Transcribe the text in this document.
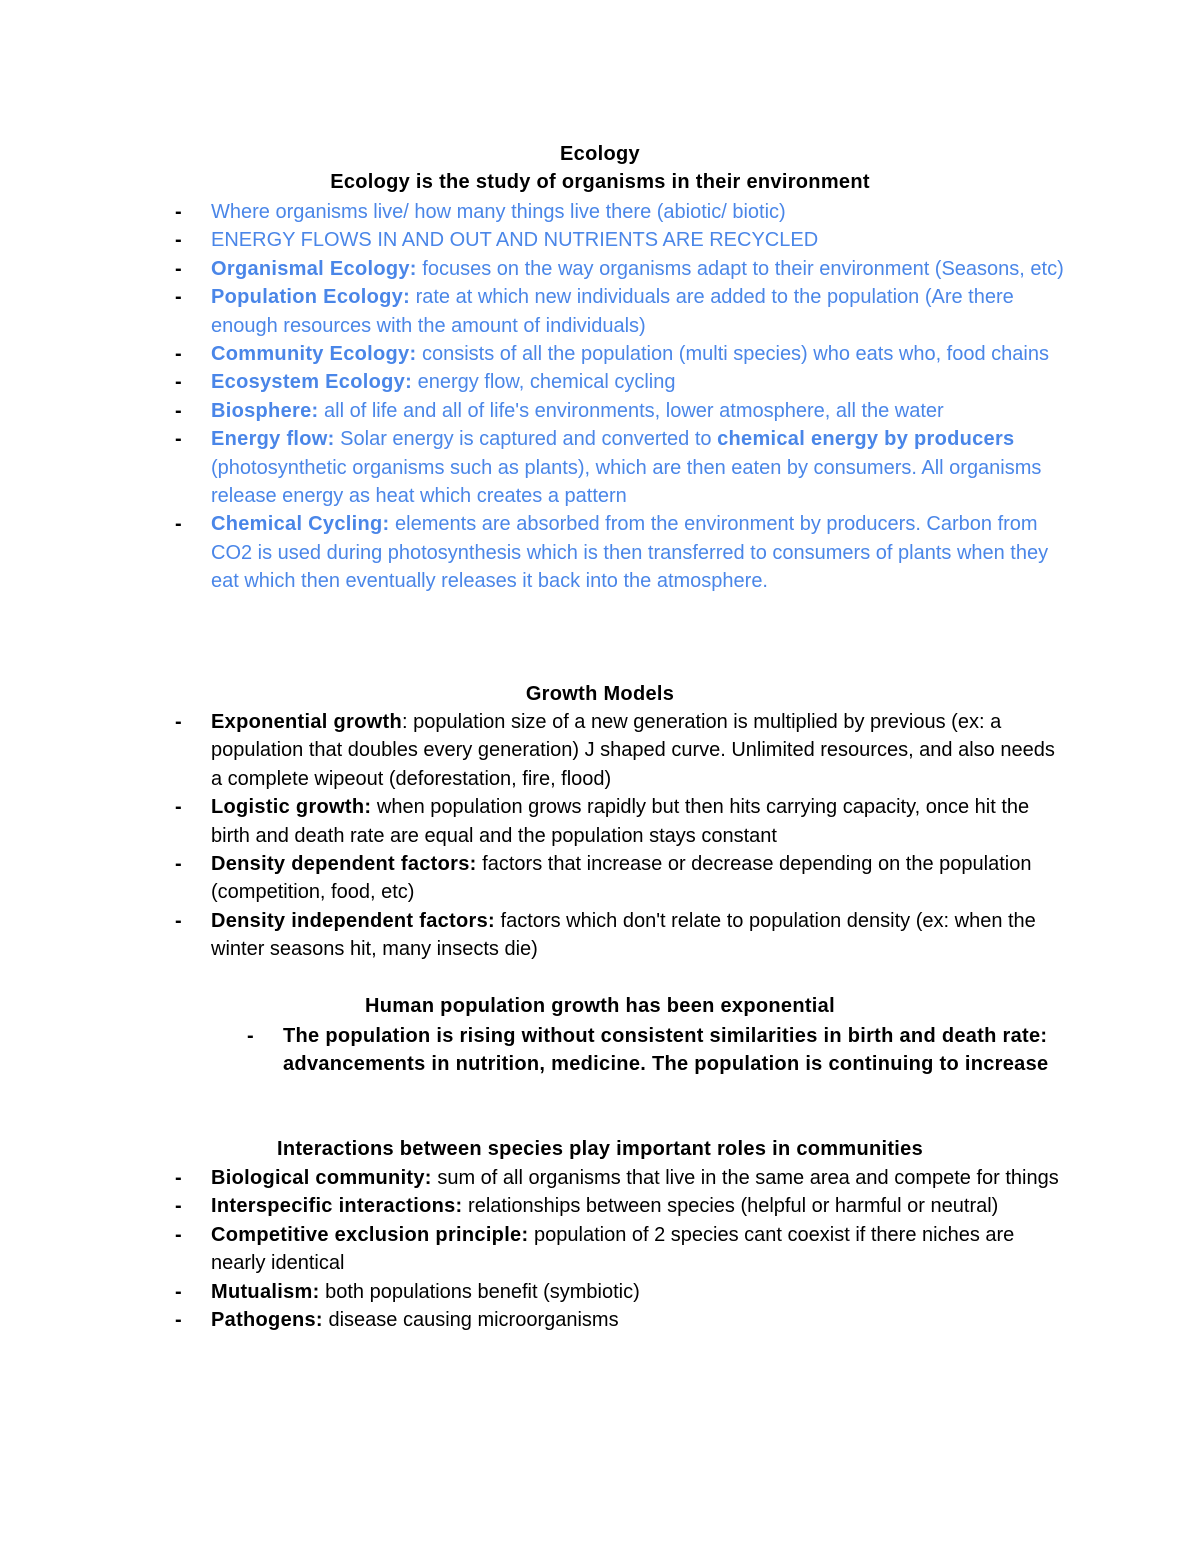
Ecology
Ecology is the study of organisms in their environment
- Where organisms live/ how many things live there (abiotic/ biotic)
- ENERGY FLOWS IN AND OUT AND NUTRIENTS ARE RECYCLED
- Organismal Ecology: focuses on the way organisms adapt to their environment (Seasons, etc)
- Population Ecology: rate at which new individuals are added to the population (Are there enough resources with the amount of individuals)
- Community Ecology: consists of all the population (multi species) who eats who, food chains
- Ecosystem Ecology: energy flow, chemical cycling
- Biosphere: all of life and all of life's environments, lower atmosphere, all the water
- Energy flow: Solar energy is captured and converted to chemical energy by producers (photosynthetic organisms such as plants), which are then eaten by consumers. All organisms release energy as heat which creates a pattern
- Chemical Cycling: elements are absorbed from the environment by producers. Carbon from CO2 is used during photosynthesis which is then transferred to consumers of plants when they eat which then eventually releases it back into the atmosphere.
Growth Models
- Exponential growth: population size of a new generation is multiplied by previous (ex: a population that doubles every generation) J shaped curve. Unlimited resources, and also needs a complete wipeout (deforestation, fire, flood)
- Logistic growth: when population grows rapidly but then hits carrying capacity, once hit the birth and death rate are equal and the population stays constant
- Density dependent factors: factors that increase or decrease depending on the population (competition, food, etc)
- Density independent factors: factors which don't relate to population density (ex: when the winter seasons hit, many insects die)
Human population growth has been exponential
- The population is rising without consistent similarities in birth and death rate: advancements in nutrition, medicine. The population is continuing to increase
Interactions between species play important roles in communities
- Biological community: sum of all organisms that live in the same area and compete for things
- Interspecific interactions: relationships between species (helpful or harmful or neutral)
- Competitive exclusion principle: population of 2 species cant coexist if there niches are nearly identical
- Mutualism: both populations benefit (symbiotic)
- Pathogens: disease causing microorganisms
